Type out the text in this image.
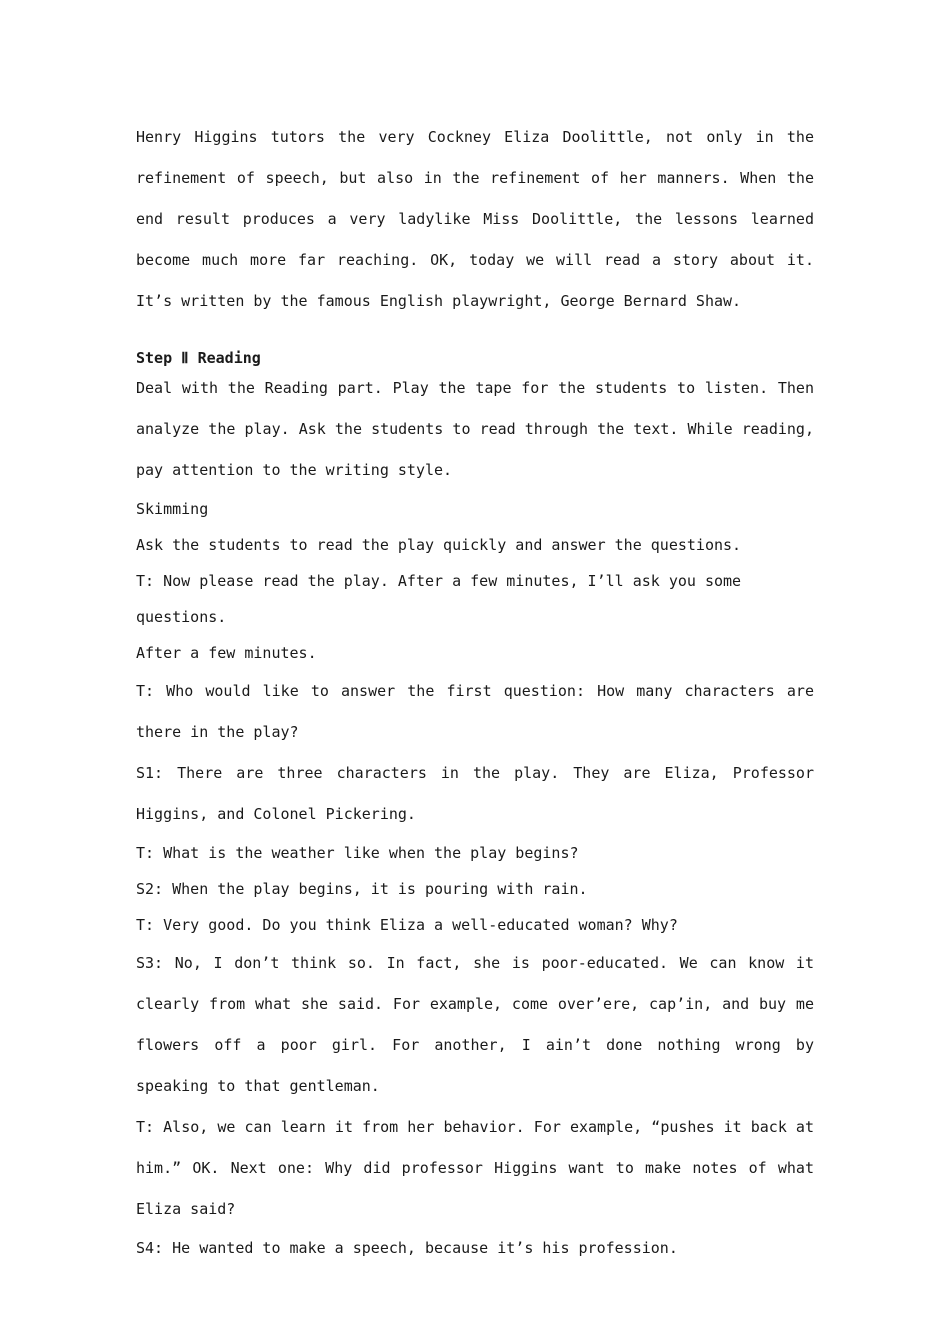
Henry Higgins tutors the very Cockney Eliza Doolittle, not only in the refinement of speech, but also in the refinement of her manners. When the end result produces a very ladylike Miss Doolittle, the lessons learned become much more far reaching. OK, today we will read a story about it. It’s written by the famous English playwright, George Bernard Shaw.

Step Ⅱ Reading

Deal with the Reading part. Play the tape for the students to listen. Then analyze the play. Ask the students to read through the text. While reading, pay attention to the writing style.

Skimming

Ask the students to read the play quickly and answer the questions.

T: Now please read the play. After a few minutes, I’ll ask you some questions.

After a few minutes.

T: Who would like to answer the first question: How many characters are there in the play?

S1: There are three characters in the play. They are Eliza, Professor Higgins, and Colonel Pickering.

T: What is the weather like when the play begins?

S2: When the play begins, it is pouring with rain.

T: Very good. Do you think Eliza a well-educated woman? Why?

S3: No, I don’t think so. In fact, she is poor-educated. We can know it clearly from what she said. For example, come over’ere, cap’in, and buy me flowers off a poor girl. For another, I ain’t done nothing wrong by speaking to that gentleman.

T: Also, we can learn it from her behavior. For example, “pushes it back at him.” OK. Next one: Why did professor Higgins want to make notes of what Eliza said?

S4: He wanted to make a speech, because it’s his profession.
